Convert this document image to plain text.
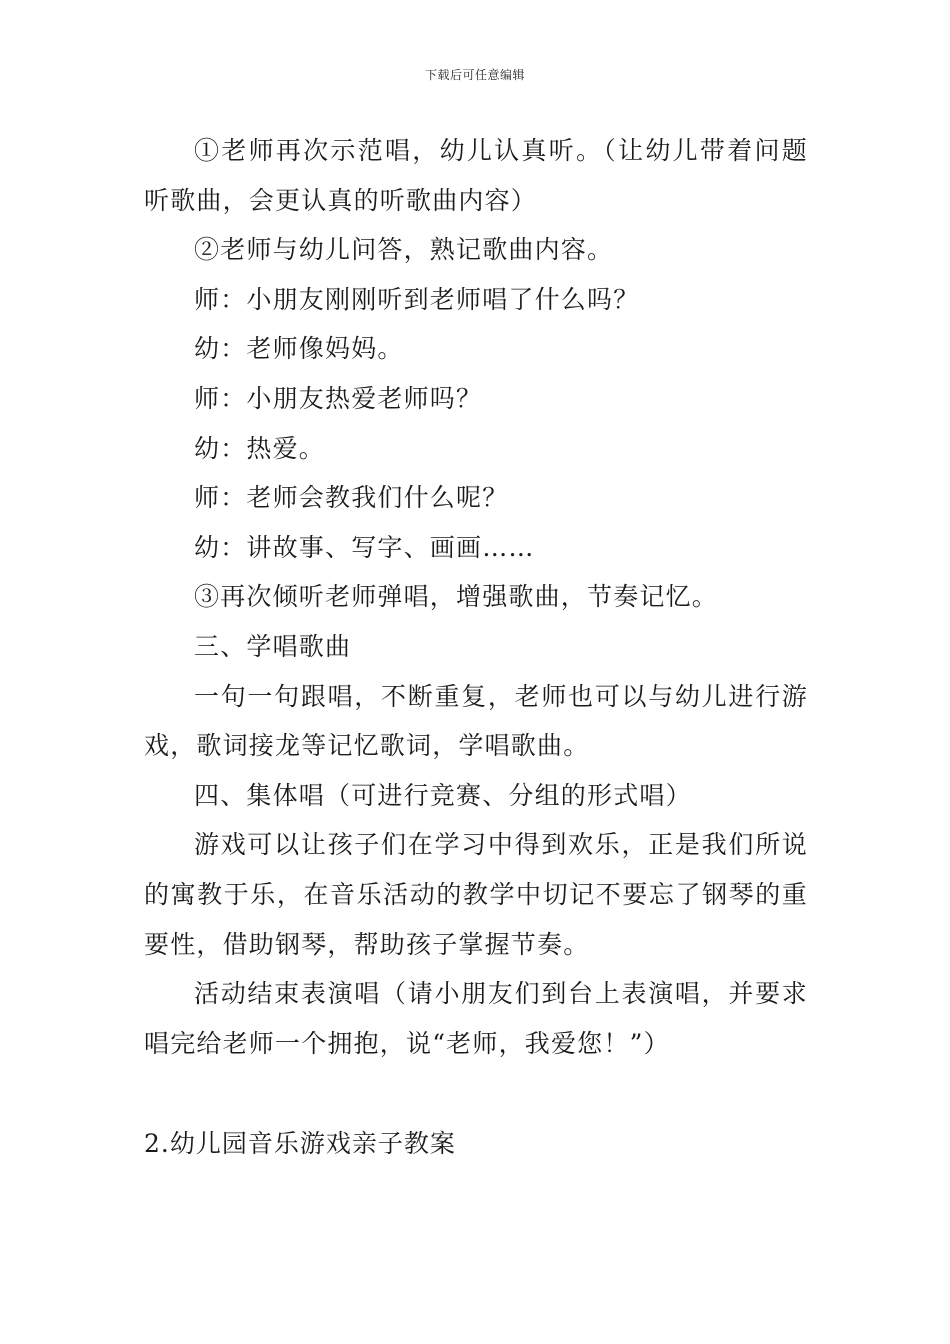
下载后可任意编辑

①老师再次示范唱，幼儿认真听。（让幼儿带着问题听歌曲，会更认真的听歌曲内容）

②老师与幼儿问答，熟记歌曲内容。

师：小朋友刚刚听到老师唱了什么吗？

幼：老师像妈妈。

师：小朋友热爱老师吗？

幼：热爱。

师：老师会教我们什么呢？

幼：讲故事、写字、画画……

③再次倾听老师弹唱，增强歌曲，节奏记忆。

三、学唱歌曲

一句一句跟唱，不断重复，老师也可以与幼儿进行游戏，歌词接龙等记忆歌词，学唱歌曲。

四、集体唱（可进行竞赛、分组的形式唱）

游戏可以让孩子们在学习中得到欢乐，正是我们所说的寓教于乐，在音乐活动的教学中切记不要忘了钢琴的重要性，借助钢琴，帮助孩子掌握节奏。

活动结束表演唱（请小朋友们到台上表演唱，并要求唱完给老师一个拥抱，说“老师，我爱您！”）

2.幼儿园音乐游戏亲子教案
